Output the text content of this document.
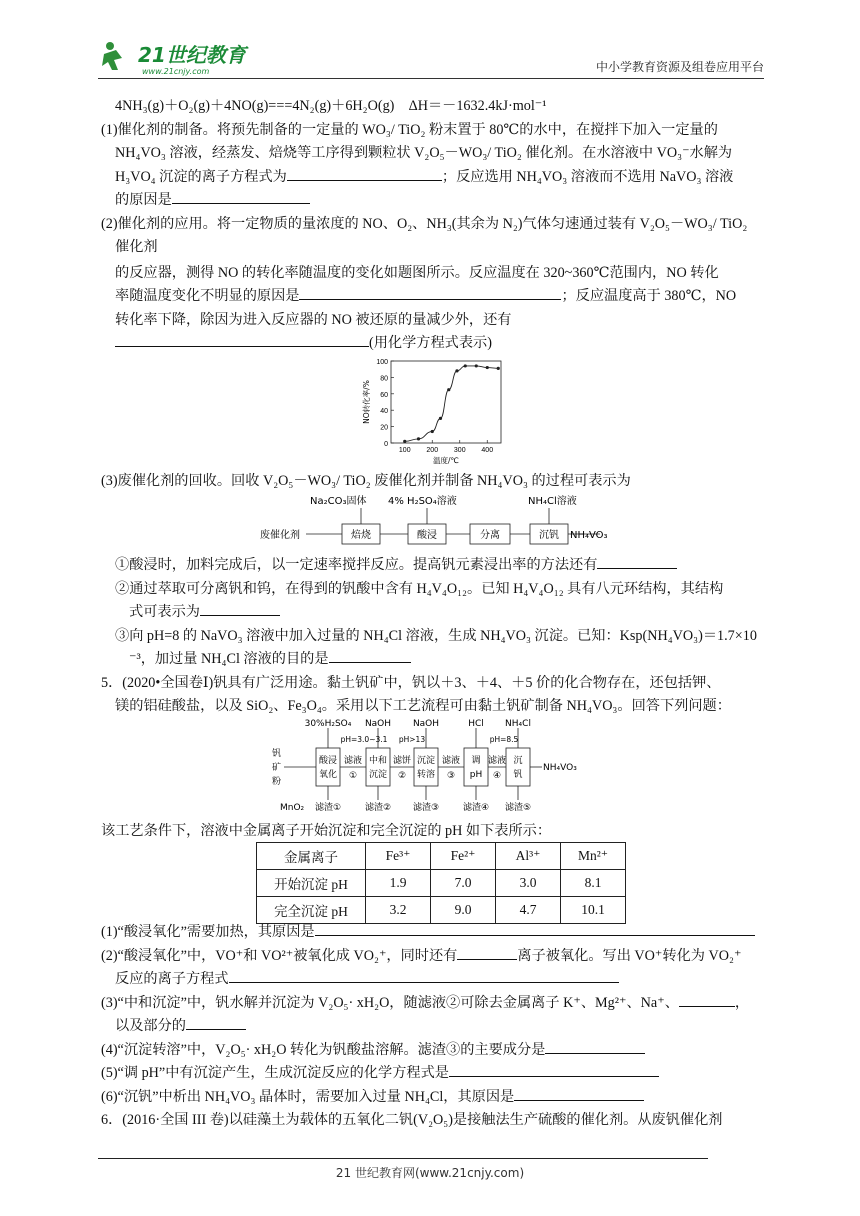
21世纪教育
www.21cnjy.com	中小学教育资源及组卷应用平台

4NH₃(g)＋O₂(g)＋4NO(g)===4N₂(g)＋6H₂O(g)　ΔH＝－1632.4kJ·mol⁻¹

(1)催化剂的制备。将预先制备的一定量的 WO₃/ TiO₂ 粉末置于 80℃的水中，在搅拌下加入一定量的

NH₄VO₃ 溶液，经蒸发、焙烧等工序得到颗粒状 V₂O₅－WO₃/ TiO₂ 催化剂。在水溶液中 VO₃⁻水解为

H₃VO₄ 沉淀的离子方程式为	；反应选用 NH₄VO₃ 溶液而不选用 NaVO₃ 溶液

的原因是

(2)催化剂的应用。将一定物质的量浓度的 NO、O₂、NH₃(其余为 N₂)气体匀速通过装有 V₂O₅－WO₃/ TiO₂

催化剂

的反应器，测得 NO 的转化率随温度的变化如题图所示。反应温度在 320~360℃范围内，NO 转化

率随温度变化不明显的原因是	；反应温度高于 380℃，NO

转化率下降，除因为进入反应器的 NO 被还原的量减少外，还有

(用化学方程式表示)

0
20
40
60
80
100
100 200 300 400
温度/℃
NO转化率/%

(3)废催化剂的回收。回收 V₂O₅－WO₃/ TiO₂ 废催化剂并制备 NH₄VO₃ 的过程可表示为

废催化剂	焙烧	酸浸	分离	沉钒 NH₄VO₃
Na₂CO₃固体 4% H₂SO₄溶液	NH₄Cl溶液

①酸浸时，加料完成后，以一定速率搅拌反应。提高钒元素浸出率的方法还有

②通过萃取可分离钒和钨，在得到的钒酸中含有 H₄V₄O₁₂。已知 H₄V₄O₁₂ 具有八元环结构，其结构

式可表示为

③向 pH=8 的 NaVO₃ 溶液中加入过量的 NH₄Cl 溶液，生成 NH₄VO₃ 沉淀。已知：Ksp(NH₄VO₃)＝1.7×10

⁻³，加过量 NH₄Cl 溶液的目的是

5．(2020•全国卷Ⅰ)钒具有广泛用途。黏土钒矿中，钒以＋3、＋4、＋5 价的化合物存在，还包括钾、

镁的铝硅酸盐，以及 SiO₂、Fe₃O₄。采用以下工艺流程可由黏土钒矿制备 NH₄VO₃。回答下列问题：

钒
矿
粉
酸浸
氧化
滤渣①
30%H₂SO₄
滤液
①
中和
沉淀
滤渣②
NaOH
滤饼
②
沉淀
转溶
滤渣③
NaOH
滤液
③
调
pH
滤渣④
HCl
滤液
④
沉
钒
滤渣⑤
NH₄Cl
NH₄VO₃
pH=3.0~3.1 pH>13	pH=8.5
MnO₂

该工艺条件下，溶液中金属离子开始沉淀和完全沉淀的 pH 如下表所示：

金属离子	Fe³⁺	Fe²⁺	Al³⁺	Mn²⁺
开始沉淀 pH	1.9	7.0	3.0	8.1
完全沉淀 pH	3.2	9.0	4.7	10.1

(1)“酸浸氧化”需要加热，其原因是

(2)“酸浸氧化”中，VO⁺和 VO²⁺被氧化成 VO₂⁺，同时还有	离子被氧化。写出 VO⁺转化为 VO₂⁺

反应的离子方程式

(3)“中和沉淀”中，钒水解并沉淀为 V₂O₅· xH₂O，随滤液②可除去金属离子 K⁺、Mg²⁺、Na⁺、	，

以及部分的

(4)“沉淀转溶”中，V₂O₅· xH₂O 转化为钒酸盐溶解。滤渣③的主要成分是

(5)“调 pH”中有沉淀产生，生成沉淀反应的化学方程式是

(6)“沉钒”中析出 NH₄VO₃ 晶体时，需要加入过量 NH₄Cl，其原因是

6．(2016·全国 III 卷)以硅藻土为载体的五氧化二钒(V₂O₅)是接触法生产硫酸的催化剂。从废钒催化剂

21 世纪教育网(www.21cnjy.com)
